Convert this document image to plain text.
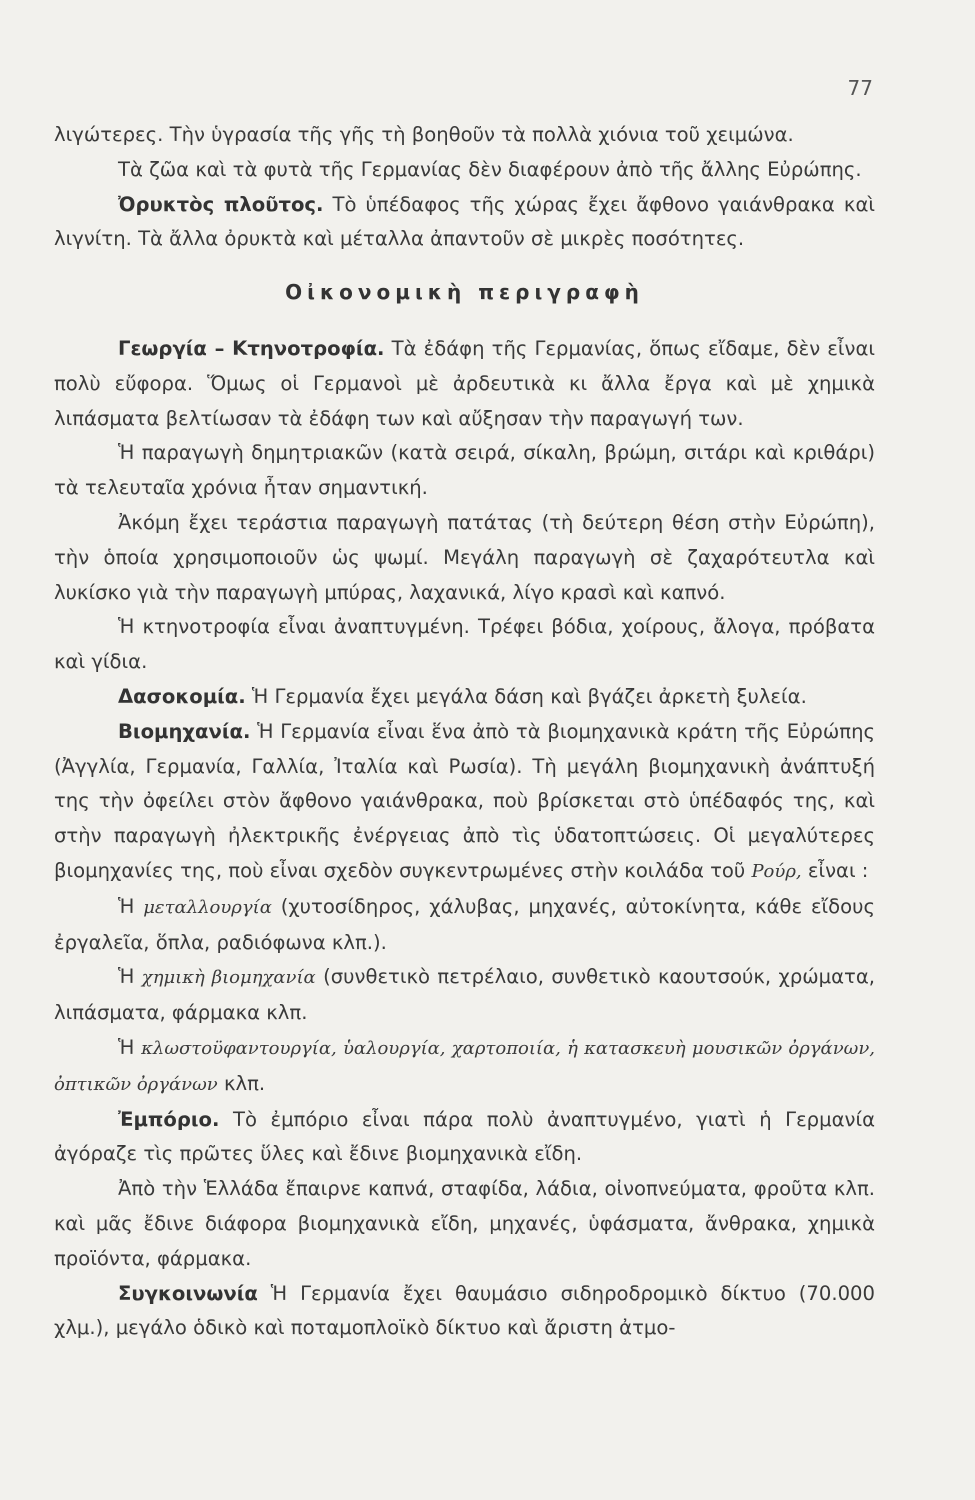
77

λιγώτερες. Τὴν ὑγρασία τῆς γῆς τὴ βοηθοῦν τὰ πολλὰ χιόνια τοῦ χειμώνα.

Τὰ ζῶα καὶ τὰ φυτὰ τῆς Γερμανίας δὲν διαφέρουν ἀπὸ τῆς ἄλλης Εὐρώπης.

Ὀρυκτὸς πλοῦτος. Τὸ ὑπέδαφος τῆς χώρας ἔχει ἄφθονο γαιάνθρακα καὶ λιγνίτη. Τὰ ἄλλα ὀρυκτὰ καὶ μέταλλα ἀπαντοῦν σὲ μικρὲς ποσότητες.

Οἰκονομικὴ περιγραφὴ

Γεωργία – Κτηνοτροφία. Τὰ ἐδάφη τῆς Γερμανίας, ὅπως εἴδαμε, δὲν εἶναι πολὺ εὔφορα. Ὅμως οἱ Γερμανοὶ μὲ ἀρδευτικὰ κι ἄλλα ἔργα καὶ μὲ χημικὰ λιπάσματα βελτίωσαν τὰ ἐδάφη των καὶ αὔξησαν τὴν παραγωγή των.

Ἡ παραγωγὴ δημητριακῶν (κατὰ σειρά, σίκαλη, βρώμη, σιτάρι καὶ κριθάρι) τὰ τελευταῖα χρόνια ἦταν σημαντική.

Ἀκόμη ἔχει τεράστια παραγωγὴ πατάτας (τὴ δεύτερη θέση στὴν Εὐρώπη), τὴν ὁποία χρησιμοποιοῦν ὡς ψωμί. Μεγάλη παραγωγὴ σὲ ζαχαρότευτλα καὶ λυκίσκο γιὰ τὴν παραγωγὴ μπύρας, λαχανικά, λίγο κρασὶ καὶ καπνό.

Ἡ κτηνοτροφία εἶναι ἀναπτυγμένη. Τρέφει βόδια, χοίρους, ἄλογα, πρόβατα καὶ γίδια.

Δασοκομία. Ἡ Γερμανία ἔχει μεγάλα δάση καὶ βγάζει ἀρκετὴ ξυλεία.

Βιομηχανία. Ἡ Γερμανία εἶναι ἕνα ἀπὸ τὰ βιομηχανικὰ κράτη τῆς Εὐρώπης (Ἀγγλία, Γερμανία, Γαλλία, Ἰταλία καὶ Ρωσία). Τὴ μεγάλη βιομηχανικὴ ἀνάπτυξή της τὴν ὀφείλει στὸν ἄφθονο γαιάνθρακα, ποὺ βρίσκεται στὸ ὑπέδαφός της, καὶ στὴν παραγωγὴ ἠλεκτρικῆς ἐνέργειας ἀπὸ τὶς ὑδατοπτώσεις. Οἱ μεγαλύτερες βιομηχανίες της, ποὺ εἶναι σχεδὸν συγκεντρωμένες στὴν κοιλάδα τοῦ Ρούρ, εἶναι :

Ἡ μεταλλουργία (χυτοσίδηρος, χάλυβας, μηχανές, αὐτοκίνητα, κάθε εἴδους ἐργαλεῖα, ὅπλα, ραδιόφωνα κλπ.).

Ἡ χημικὴ βιομηχανία (συνθετικὸ πετρέλαιο, συνθετικὸ καουτσούκ, χρώματα, λιπάσματα, φάρμακα κλπ.

Ἡ κλωστοϋφαντουργία, ὑαλουργία, χαρτοποιία, ἡ κατασκευὴ μουσικῶν ὀργάνων, ὀπτικῶν ὀργάνων κλπ.

Ἐμπόριο. Τὸ ἐμπόριο εἶναι πάρα πολὺ ἀναπτυγμένο, γιατὶ ἡ Γερμανία ἀγόραζε τὶς πρῶτες ὕλες καὶ ἔδινε βιομηχανικὰ εἴδη.

Ἀπὸ τὴν Ἑλλάδα ἔπαιρνε καπνά, σταφίδα, λάδια, οἰνοπνεύματα, φροῦτα κλπ. καὶ μᾶς ἔδινε διάφορα βιομηχανικὰ εἴδη, μηχανές, ὑφάσματα, ἄνθρακα, χημικὰ προϊόντα, φάρμακα.

Συγκοινωνία Ἡ Γερμανία ἔχει θαυμάσιο σιδηροδρομικὸ δίκτυο (70.000 χλμ.), μεγάλο ὁδικὸ καὶ ποταμοπλοϊκὸ δίκτυο καὶ ἄριστη ἀτμο-
